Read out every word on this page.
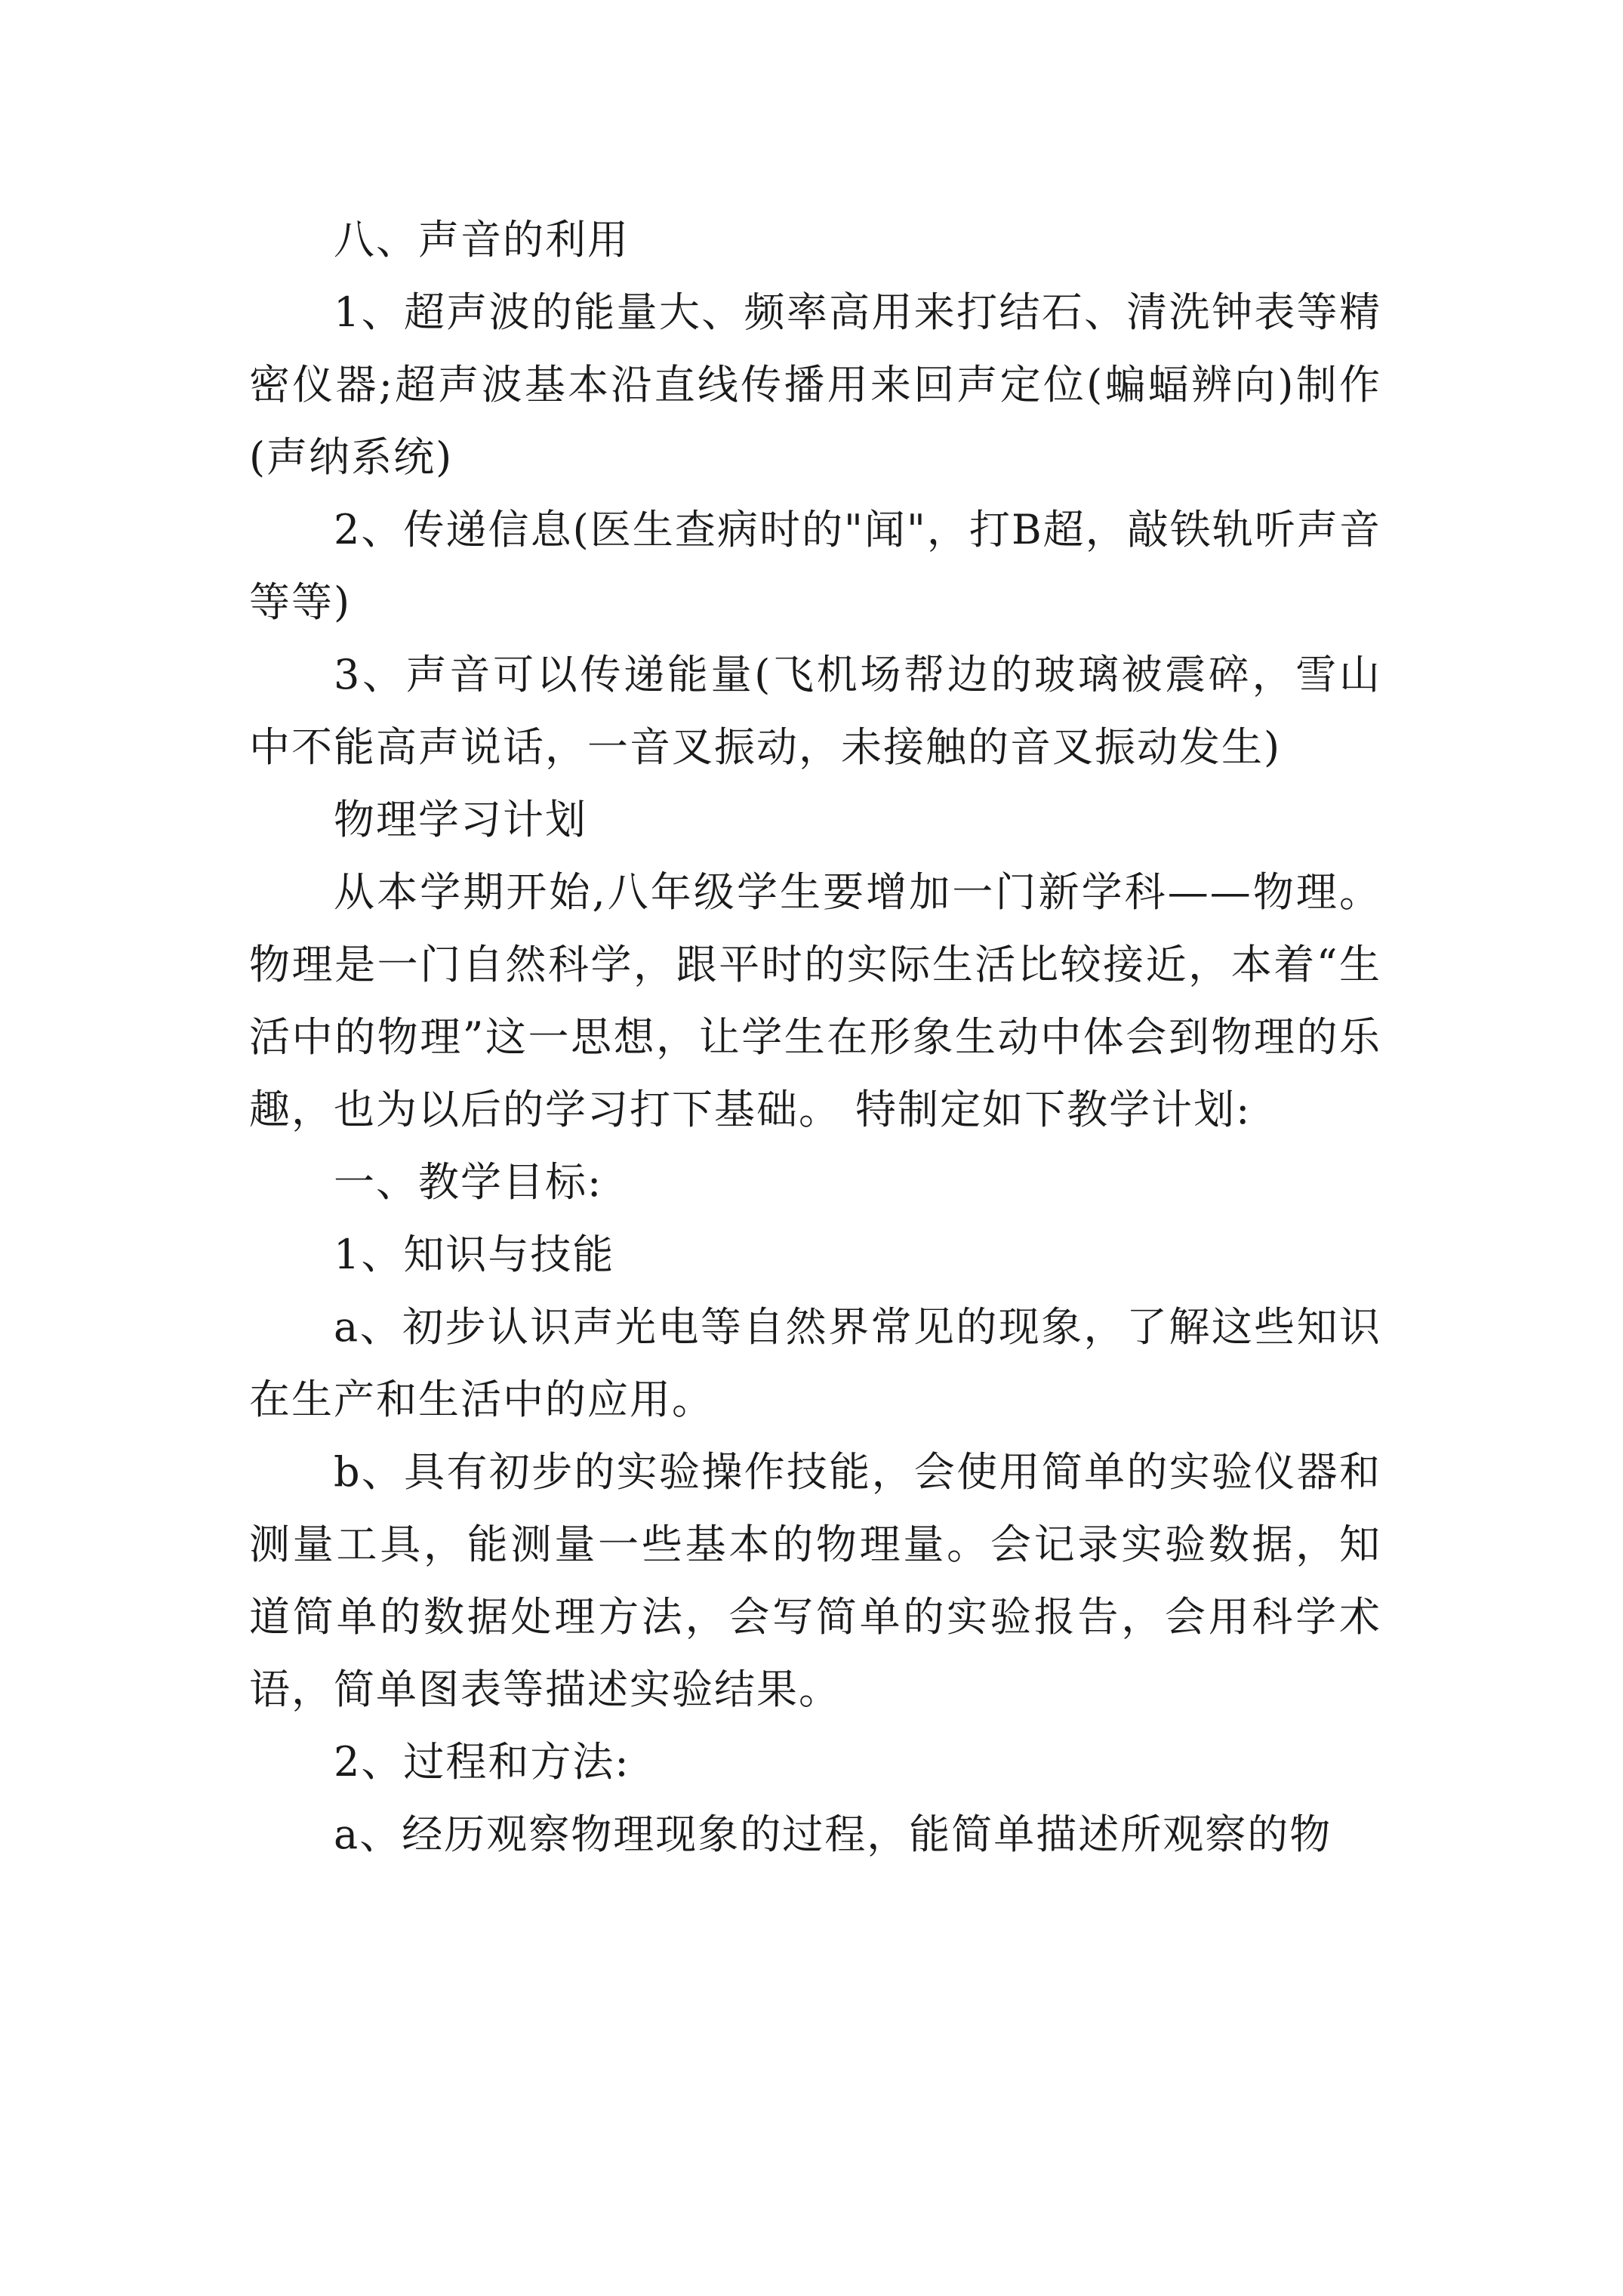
八、声音的利用

1、超声波的能量大、频率高用来打结石、清洗钟表等精密仪器;超声波基本沿直线传播用来回声定位(蝙蝠辨向)制作(声纳系统)

2、传递信息(医生查病时的"闻"，打B超，敲铁轨听声音等等)

3、声音可以传递能量(飞机场帮边的玻璃被震碎，雪山中不能高声说话，一音叉振动，未接触的音叉振动发生)

物理学习计划

从本学期开始,八年级学生要增加一门新学科——物理。物理是一门自然科学，跟平时的实际生活比较接近，本着“生活中的物理”这一思想，让学生在形象生动中体会到物理的乐趣，也为以后的学习打下基础。 特制定如下教学计划:

一、教学目标:

1、知识与技能

a、初步认识声光电等自然界常见的现象，了解这些知识在生产和生活中的应用。

b、具有初步的实验操作技能，会使用简单的实验仪器和测量工具，能测量一些基本的物理量。会记录实验数据，知道简单的数据处理方法，会写简单的实验报告，会用科学术语，简单图表等描述实验结果。

2、过程和方法:

a、经历观察物理现象的过程，能简单描述所观察的物
